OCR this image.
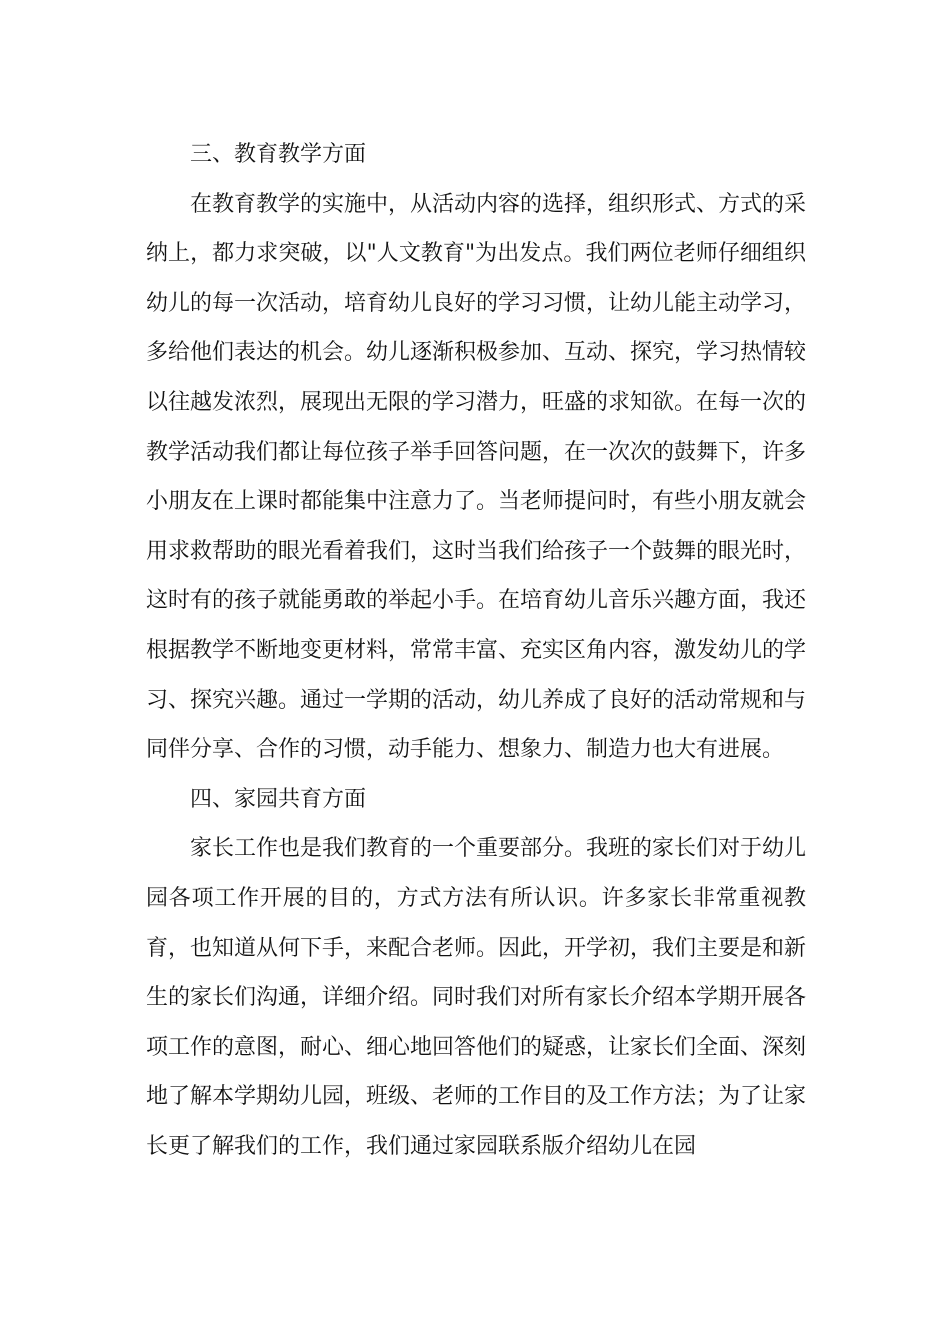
三、教育教学方面

在教育教学的实施中，从活动内容的选择，组织形式、方式的采纳上，都力求突破，以"人文教育"为出发点。我们两位老师仔细组织幼儿的每一次活动，培育幼儿良好的学习习惯，让幼儿能主动学习，多给他们表达的机会。幼儿逐渐积极参加、互动、探究，学习热情较以往越发浓烈，展现出无限的学习潜力，旺盛的求知欲。在每一次的教学活动我们都让每位孩子举手回答问题，在一次次的鼓舞下，许多小朋友在上课时都能集中注意力了。当老师提问时，有些小朋友就会用求救帮助的眼光看着我们，这时当我们给孩子一个鼓舞的眼光时，这时有的孩子就能勇敢的举起小手。在培育幼儿音乐兴趣方面，我还根据教学不断地变更材料，常常丰富、充实区角内容，激发幼儿的学习、探究兴趣。通过一学期的活动，幼儿养成了良好的活动常规和与同伴分享、合作的习惯，动手能力、想象力、制造力也大有进展。

四、家园共育方面

家长工作也是我们教育的一个重要部分。我班的家长们对于幼儿园各项工作开展的目的，方式方法有所认识。许多家长非常重视教育，也知道从何下手，来配合老师。因此，开学初，我们主要是和新生的家长们沟通，详细介绍。同时我们对所有家长介绍本学期开展各项工作的意图，耐心、细心地回答他们的疑惑，让家长们全面、深刻地了解本学期幼儿园，班级、老师的工作目的及工作方法；为了让家长更了解我们的工作，我们通过家园联系版介绍幼儿在园
